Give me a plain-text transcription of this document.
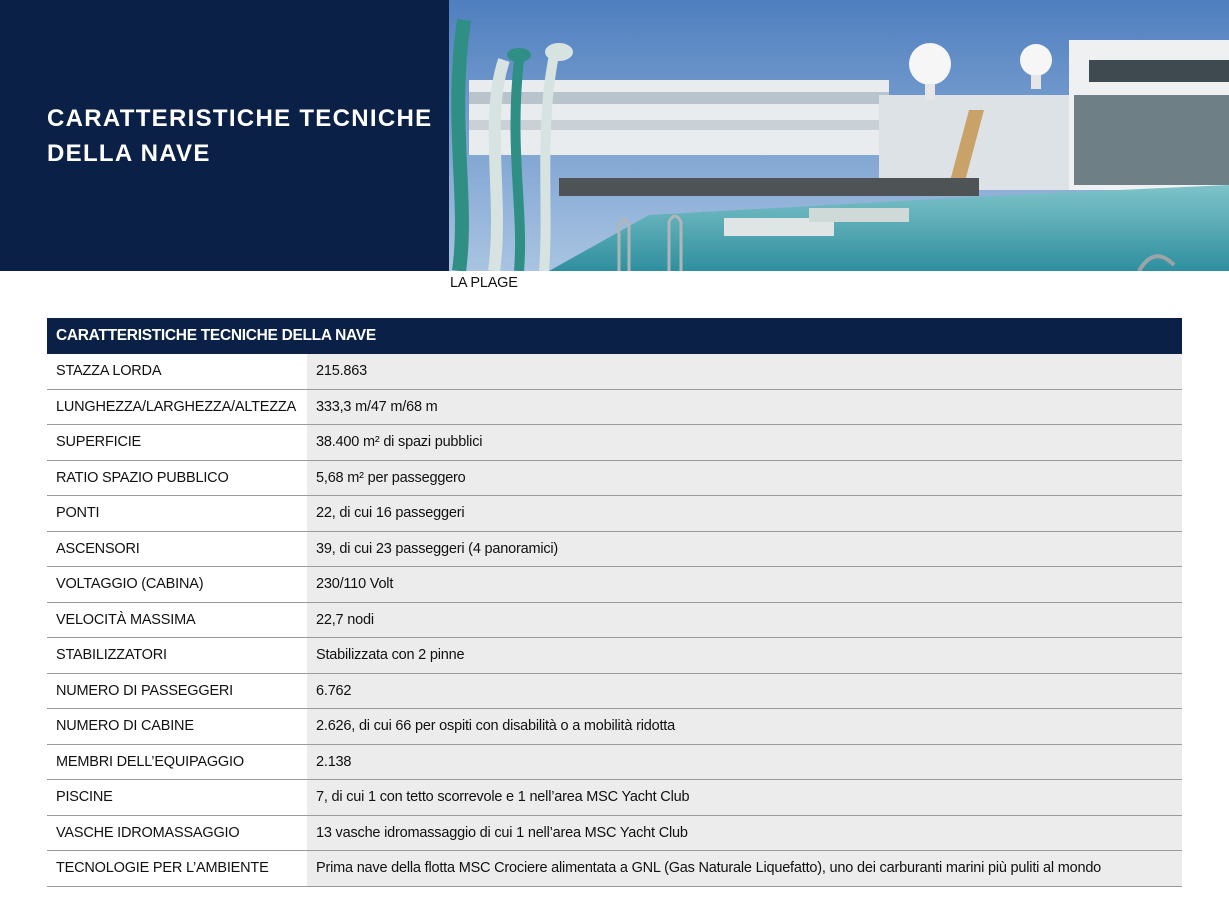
CARATTERISTICHE TECNICHE
DELLA NAVE
LA PLAGE
CARATTERISTICHE TECNICHE DELLA NAVE
STAZZA LORDA	215.863
LUNGHEZZA/LARGHEZZA/ALTEZZA	333,3 m/47 m/68 m
SUPERFICIE	38.400 m² di spazi pubblici
RATIO SPAZIO PUBBLICO	5,68 m² per passeggero
PONTI	22, di cui 16 passeggeri
ASCENSORI	39, di cui 23 passeggeri (4 panoramici)
VOLTAGGIO (CABINA)	230/110 Volt
VELOCITÀ MASSIMA	22,7 nodi
STABILIZZATORI	Stabilizzata con 2 pinne
NUMERO DI PASSEGGERI	6.762
NUMERO DI CABINE	2.626, di cui 66 per ospiti con disabilità o a mobilità ridotta
MEMBRI DELL’EQUIPAGGIO	2.138
PISCINE	7, di cui 1 con tetto scorrevole e 1 nell’area MSC Yacht Club
VASCHE IDROMASSAGGIO	13 vasche idromassaggio di cui 1 nell’area MSC Yacht Club
TECNOLOGIE PER L’AMBIENTE	Prima nave della flotta MSC Crociere alimentata a GNL (Gas Naturale Liquefatto), uno dei carburanti marini più puliti al mondo
